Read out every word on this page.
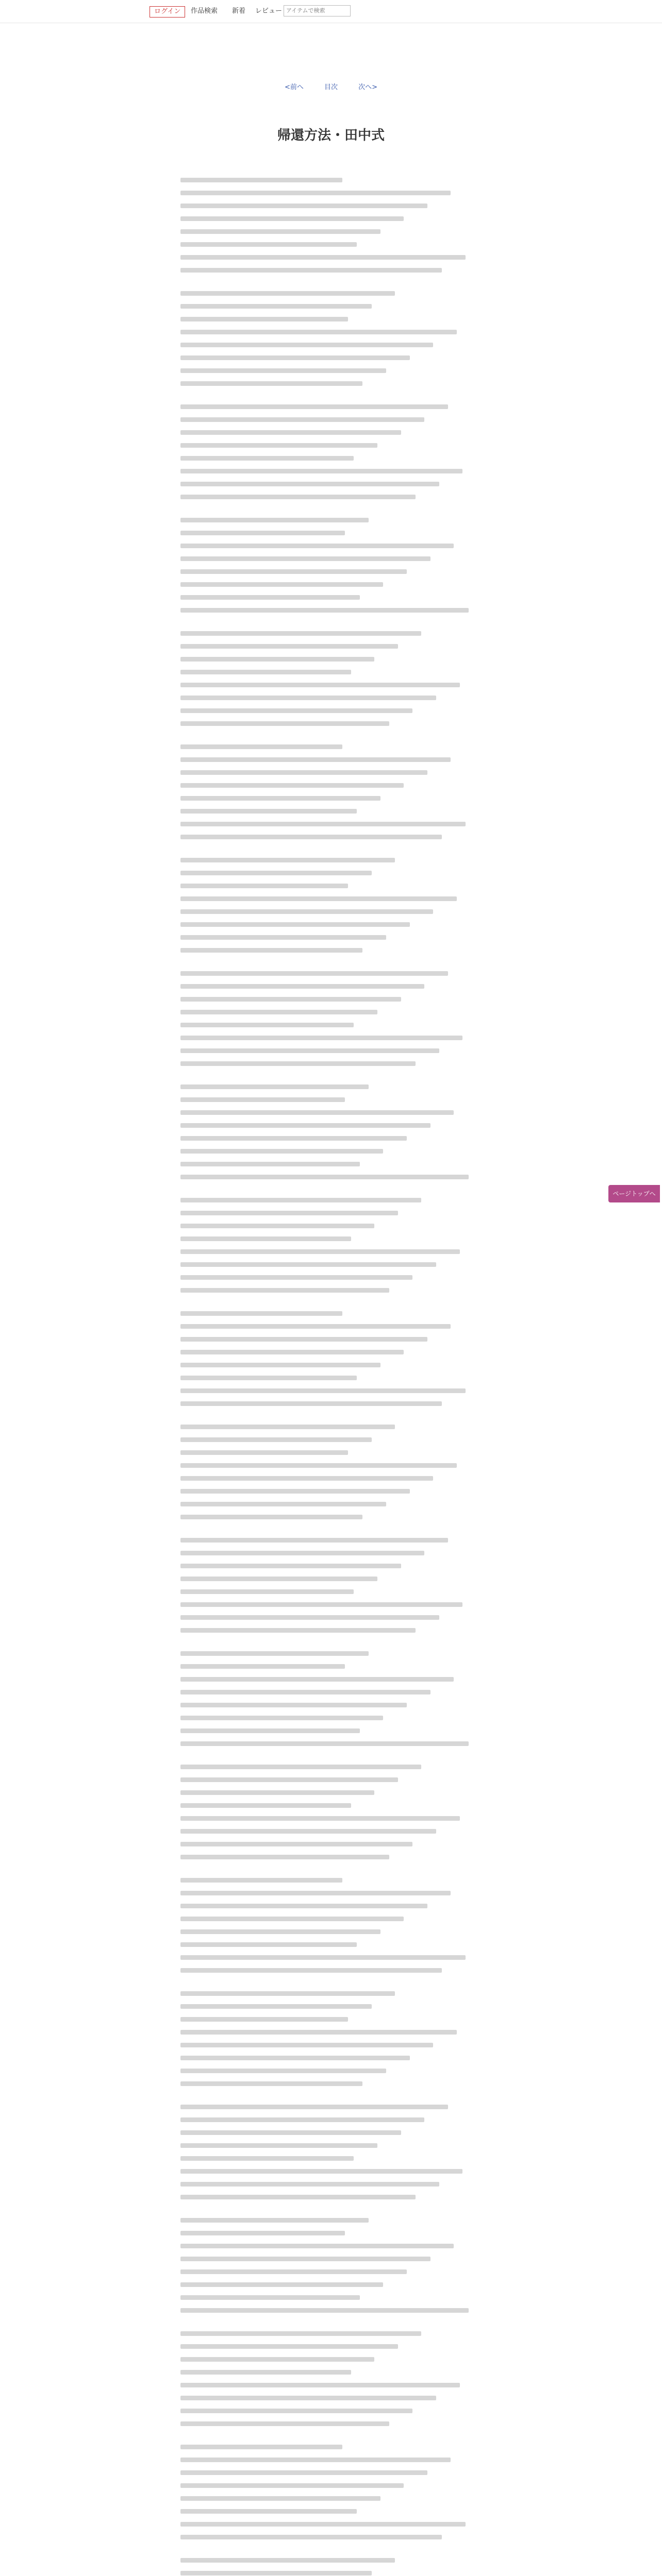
ログイン	作品検索 新着 レビュー
アイテムで検索
<前へ	目次	次へ>
帰還方法・田中式
ページトップへ
